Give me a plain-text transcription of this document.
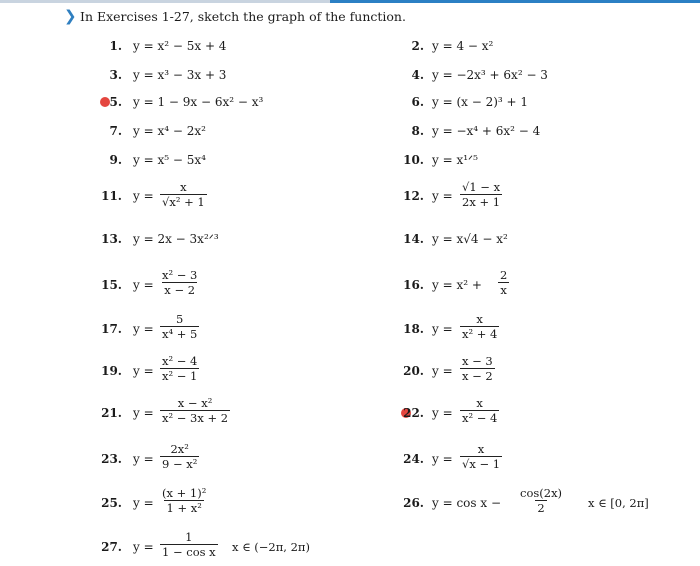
❯ In Exercises 1-27, sketch the graph of the function.
1. y = x² − 5x + 4	2. y = 4 − x²
3. y = x³ − 3x + 3	4. y = −2x³ + 6x² − 3
5. y = 1 − 9x − 6x² − x³	6. y = (x − 2)³ + 1
7. y = x⁴ − 2x²	8. y = −x⁴ + 6x² − 4
9. y = x⁵ − 5x⁴	10. y = x¹ᐟ⁵
11. $y = \frac{x}{\text{√x² + 1}}$	12. $y = \frac{√1 - x}{2x + 1}$
13. y = 2x − 3x²ᐟ³	14. y = x√4 − x²
15. $y = \frac{\text{x² − 3}}{x - 2}$	16. $y = x^2 + \frac{2}{x}$
17. $y = \frac{5}{\text{x⁴ + 5}}$	18. $y = \frac{x}{\text{x² + 4}}$
19. $y = \frac{\text{x² − 4}}{\text{x² − 1}}$	20. $y = \frac{x - 3}{x - 2}$
21. $y = \frac{\text{x − x²}}{\text{x² − 3x + 2}}$	22. $y = \frac{x}{\text{x² − 4}}$
23. $y = \frac{\text{2x²}}{\text{9 − x²}}$	24. $y = \frac{x}{√x - 1}$
25. $y = \frac{\text{(x + 1)²}}{\text{1 + x²}}$	26. $y = \cos x - \frac{\cos(2x)}{2}$ x ∈ [0, 2π]
27. $y = \frac{1}{\text{1 − cos x}}$ x ∈ (−2π, 2π)
